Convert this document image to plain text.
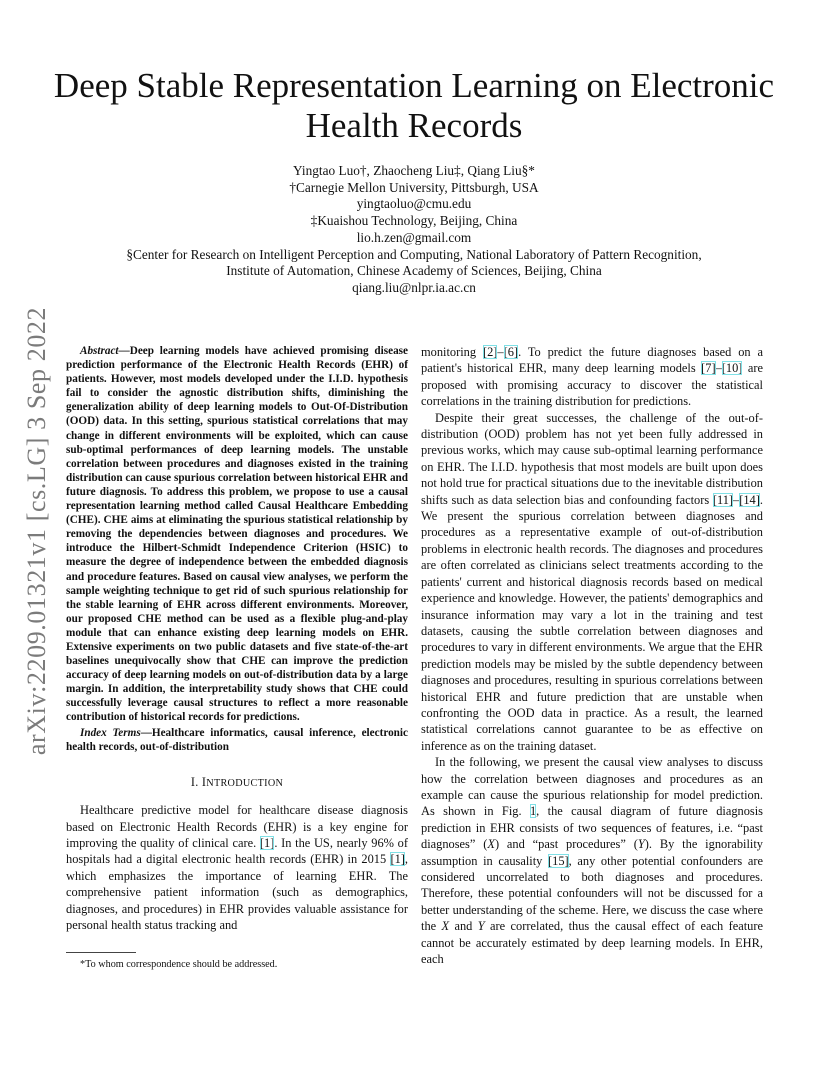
arXiv:2209.01321v1 [cs.LG] 3 Sep 2022
Deep Stable Representation Learning on Electronic
Health Records
Yingtao Luo†, Zhaocheng Liu‡, Qiang Liu§*
†Carnegie Mellon University, Pittsburgh, USA
yingtaoluo@cmu.edu
‡Kuaishou Technology, Beijing, China
lio.h.zen@gmail.com
§Center for Research on Intelligent Perception and Computing, National Laboratory of Pattern Recognition,
Institute of Automation, Chinese Academy of Sciences, Beijing, China
qiang.liu@nlpr.ia.ac.cn

Abstract—Deep learning models have achieved promising disease prediction performance of the Electronic Health Records (EHR) of patients. However, most models developed under the I.I.D. hypothesis fail to consider the agnostic distribution shifts, diminishing the generalization ability of deep learning models to Out-Of-Distribution (OOD) data. In this setting, spurious statistical correlations that may change in different environments will be exploited, which can cause sub-optimal performances of deep learning models. The unstable correlation between procedures and diagnoses existed in the training distribution can cause spurious correlation between historical EHR and future diagnosis. To address this problem, we propose to use a causal representation learning method called Causal Healthcare Embedding (CHE). CHE aims at eliminating the spurious statistical relationship by removing the dependencies between diagnoses and procedures. We introduce the Hilbert-Schmidt Independence Criterion (HSIC) to measure the degree of independence between the embedded diagnosis and procedure features. Based on causal view analyses, we perform the sample weighting technique to get rid of such spurious relationship for the stable learning of EHR across different environments. Moreover, our proposed CHE method can be used as a flexible plug-and-play module that can enhance existing deep learning models on EHR. Extensive experiments on two public datasets and five state-of-the-art baselines unequivocally show that CHE can improve the prediction accuracy of deep learning models on out-of-distribution data by a large margin. In addition, the interpretability study shows that CHE could successfully leverage causal structures to reflect a more reasonable contribution of historical records for predictions.

Index Terms—Healthcare informatics, causal inference, electronic health records, out-of-distribution

I. INTRODUCTION

Healthcare predictive model for healthcare disease diagnosis based on Electronic Health Records (EHR) is a key engine for improving the quality of clinical care. [1]. In the US, nearly 96% of hospitals had a digital electronic health records (EHR) in 2015 [1], which emphasizes the importance of learning EHR. The comprehensive patient information (such as demographics, diagnoses, and procedures) in EHR provides valuable assistance for personal health status tracking and

*To whom correspondence should be addressed.

monitoring [2]–[6]. To predict the future diagnoses based on a patient's historical EHR, many deep learning models [7]–[10] are proposed with promising accuracy to discover the statistical correlations in the training distribution for predictions.

Despite their great successes, the challenge of the out-of-distribution (OOD) problem has not yet been fully addressed in previous works, which may cause sub-optimal learning performance on EHR. The I.I.D. hypothesis that most models are built upon does not hold true for practical situations due to the inevitable distribution shifts such as data selection bias and confounding factors [11]–[14]. We present the spurious correlation between diagnoses and procedures as a representative example of out-of-distribution problems in electronic health records. The diagnoses and procedures are often correlated as clinicians select treatments according to the patients' current and historical diagnosis records based on medical experience and knowledge. However, the patients' demographics and insurance information may vary a lot in the training and test datasets, causing the subtle correlation between diagnoses and procedures to vary in different environments. We argue that the EHR prediction models may be misled by the subtle dependency between diagnoses and procedures, resulting in spurious correlations between historical EHR and future prediction that are unstable when confronting the OOD data in practice. As a result, the learned statistical correlations cannot guarantee to be as effective on inference as on the training dataset.

In the following, we present the causal view analyses to discuss how the correlation between diagnoses and procedures as an example can cause the spurious relationship for model prediction. As shown in Fig. 1, the causal diagram of future diagnosis prediction in EHR consists of two sequences of features, i.e. “past diagnoses” (X) and “past procedures” (Y). By the ignorability assumption in causality [15], any other potential confounders are considered uncorrelated to both diagnoses and procedures. Therefore, these potential confounders will not be discussed for a better understanding of the scheme. Here, we discuss the case where the X and Y are correlated, thus the causal effect of each feature cannot be accurately estimated by deep learning models. In EHR, each
